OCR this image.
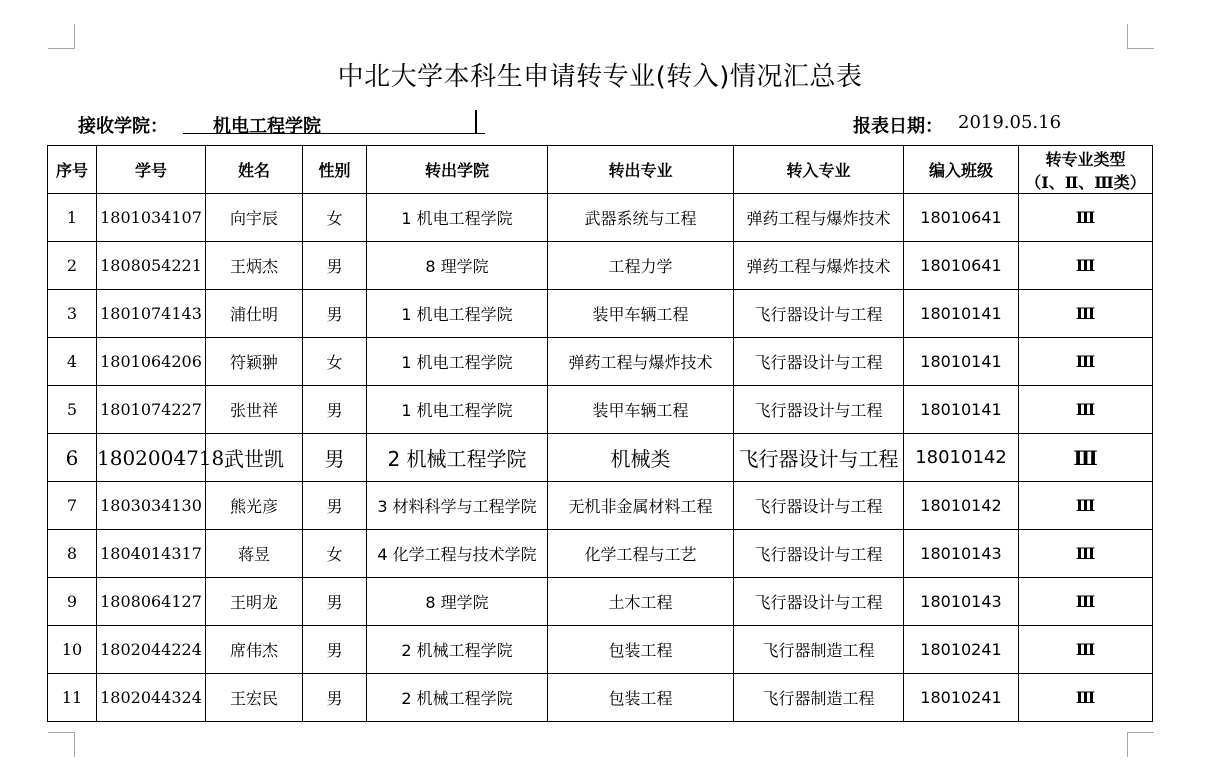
中北大学本科生申请转专业(转入)情况汇总表
接收学院：	机电工程学院	报表日期： 2019.05.16
序号	学号	姓名	性别	转出学院	转出专业	转入专业	编入班级	转专业类型
（Ⅰ、Ⅱ、Ⅲ类）

1	1801034107	向宇辰	女	1 机电工程学院	武器系统与工程	弹药工程与爆炸技术	18010641	Ⅲ
2	1808054221	王炳杰	男	8 理学院	工程力学	弹药工程与爆炸技术	18010641	Ⅲ
3	1801074143	浦仕明	男	1 机电工程学院	装甲车辆工程	飞行器设计与工程	18010141	Ⅲ
4	1801064206	符颖翀	女	1 机电工程学院	弹药工程与爆炸技术	飞行器设计与工程	18010141	Ⅲ
5	1801074227	张世祥	男	1 机电工程学院	装甲车辆工程	飞行器设计与工程	18010141	Ⅲ
6	1802004718	武世凯	男	2 机械工程学院	机械类	飞行器设计与工程	18010142	Ⅲ
7	1803034130	熊光彦	男	3 材料科学与工程学院	无机非金属材料工程	飞行器设计与工程	18010142	Ⅲ
8	1804014317	蒋昱	女	4 化学工程与技术学院	化学工程与工艺	飞行器设计与工程	18010143	Ⅲ
9	1808064127	王明龙	男	8 理学院	土木工程	飞行器设计与工程	18010143	Ⅲ
10	1802044224	席伟杰	男	2 机械工程学院	包装工程	飞行器制造工程	18010241	Ⅲ
11	1802044324	王宏民	男	2 机械工程学院	包装工程	飞行器制造工程	18010241	Ⅲ
